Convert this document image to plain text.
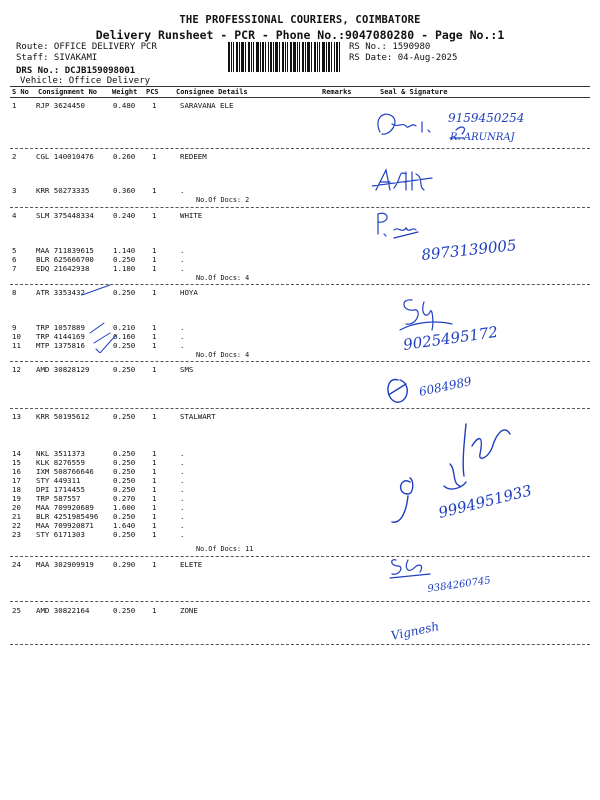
THE PROFESSIONAL COURIERS, COIMBATORE
Delivery Runsheet - PCR - Phone No.:9047080280 - Page No.:1
Route: OFFICE DELIVERY PCR
Staff: SIVAKAMI
DRS No.: DCJB159098001
Vehicle: Office Delivery
RS No.: 1590980
RS Date: 04-Aug-2025
S No Consignment No Weight PCS Consignee Details	Remarks	Seal & Signature
1	RJP 3624450	0.480 1	SARAVANA ELE
2	CGL 140010476	0.260 1	REDEEM
3	KRR 50273335	0.360 1	.
No.Of Docs: 2
4	SLM 375448334	0.240 1	WHITE
5	MAA 711839615	1.140 1	.
6	BLR 625666700	0.250 1	.
7	EDQ 21642938	1.180 1	.
No.Of Docs: 4
8	ATR 3353432	0.250 1	HOYA
9	TRP 1057889	0.210 1	.
10 TRP 4144169	0.160 1	.
11 MTP 1375816	0.250 1	.
No.Of Docs: 4
12 AMD 30828129	0.250 1	SMS
13 KRR 50195612	0.250 1	STALWART
14 NKL 3511373	0.250 1	.
15 KLK 8276559	0.250 1	.
16 IXM 508766646	0.250 1	.
17 STY 449311	0.250 1	.
18 DPI 1714455	0.250 1	.
19 TRP 587557	0.270 1	.
20 MAA 709920689	1.600 1	.
21 BLR 4251985496 0.250 1	.
22 MAA 709920871	1.640 1	.
23 STY 6171303	0.250 1	.
No.Of Docs: 11
24 MAA 302909919	0.290 1	ELETE
25 AMD 30822164	0.250 1	ZONE
9159450254
R. ARUNRAJ
8973139005
9025495172
6084989
9994951933
9384260745
Vignesh
